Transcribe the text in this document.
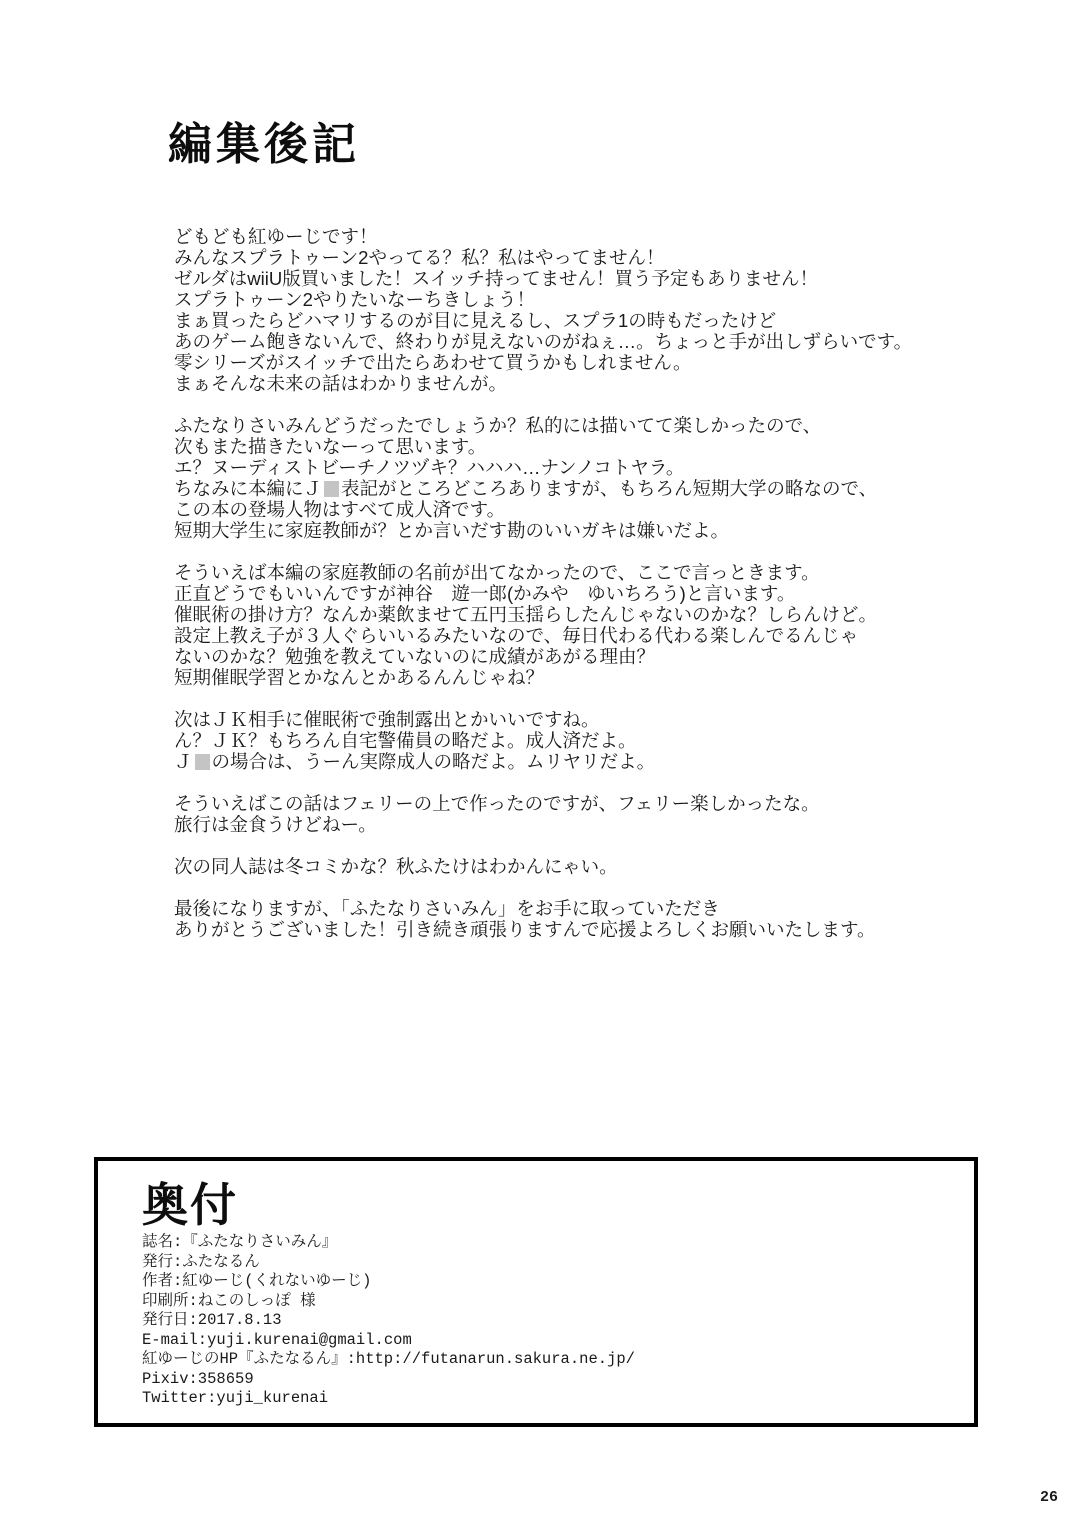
編集後記
どもども紅ゆーじです！
みんなスプラトゥーン2やってる？私？私はやってません！
ゼルダはwiiU版買いました！スイッチ持ってません！買う予定もありません！
スプラトゥーン2やりたいなーちきしょう！
まぁ買ったらどハマリするのが目に見えるし、スプラ1の時もだったけど
あのゲーム飽きないんで、終わりが見えないのがねぇ…。ちょっと手が出しずらいです。
零シリーズがスイッチで出たらあわせて買うかもしれません。
まぁそんな未来の話はわかりませんが。
ふたなりさいみんどうだったでしょうか？私的には描いてて楽しかったので、
次もまた描きたいなーって思います。
エ？ヌーディストビーチノツヅキ？ハハハ…ナンノコトヤラ。
ちなみに本編にＪ 表記がところどころありますが、もちろん短期大学の略なので、
この本の登場人物はすべて成人済です。
短期大学生に家庭教師が？とか言いだす勘のいいガキは嫌いだよ。
そういえば本編の家庭教師の名前が出てなかったので、ここで言っときます。
正直どうでもいいんですが神谷　遊一郎(かみや　ゆいちろう)と言います。
催眠術の掛け方？なんか薬飲ませて五円玉揺らしたんじゃないのかな？しらんけど。
設定上教え子が３人ぐらいいるみたいなので、毎日代わる代わる楽しんでるんじゃ
ないのかな？勉強を教えていないのに成績があがる理由？
短期催眠学習とかなんとかあるんんじゃね？
次はＪＫ相手に催眠術で強制露出とかいいですね。
ん？ＪＫ？もちろん自宅警備員の略だよ。成人済だよ。
Ｊ の場合は、うーん実際成人の略だよ。ムリヤリだよ。
そういえばこの話はフェリーの上で作ったのですが、フェリー楽しかったな。
旅行は金食うけどねー。
次の同人誌は冬コミかな？秋ふたけはわかんにゃい。
最後になりますが、「ふたなりさいみん」をお手に取っていただき
ありがとうございました！引き続き頑張りますんで応援よろしくお願いいたします。
奥付
誌名:『ふたなりさいみん』
発行:ふたなるん
作者:紅ゆーじ(くれないゆーじ)
印刷所:ねこのしっぽ 様
発行日:2017.8.13
E-mail:yuji.kurenai@gmail.com
紅ゆーじのHP『ふたなるん』:http://futanarun.sakura.ne.jp/
Pixiv:358659
Twitter:yuji_kurenai
26
